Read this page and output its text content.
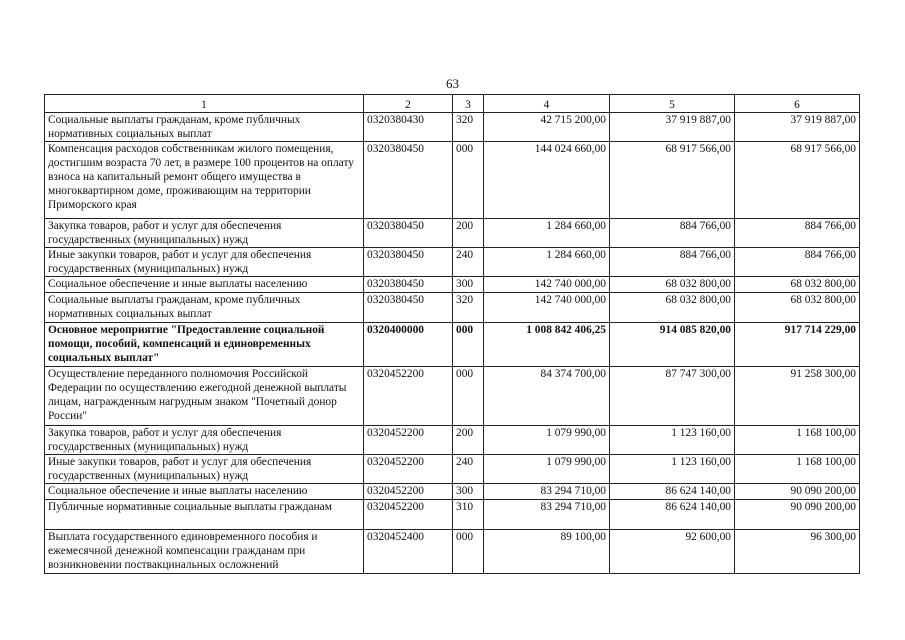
63
1	2	3	4	5	6
Социальные выплаты гражданам, кроме публичных нормативных социальных выплат	0320380430	320	42 715 200,00	37 919 887,00	37 919 887,00
Компенсация расходов собственникам жилого помещения, достигшим возраста 70 лет, в размере 100 процентов на оплату взноса на капитальный ремонт общего имущества в многоквартирном доме, проживающим на территории Приморского края	0320380450	000	144 024 660,00	68 917 566,00	68 917 566,00
Закупка товаров, работ и услуг для обеспечения государственных (муниципальных) нужд	0320380450	200	1 284 660,00	884 766,00	884 766,00
Иные закупки товаров, работ и услуг для обеспечения государственных (муниципальных) нужд	0320380450	240	1 284 660,00	884 766,00	884 766,00
Социальное обеспечение и иные выплаты населению	0320380450	300	142 740 000,00	68 032 800,00	68 032 800,00
Социальные выплаты гражданам, кроме публичных нормативных социальных выплат	0320380450	320	142 740 000,00	68 032 800,00	68 032 800,00
Основное мероприятие "Предоставление социальной помощи, пособий, компенсаций и единовременных социальных выплат"	0320400000	000	1 008 842 406,25	914 085 820,00	917 714 229,00
Осуществление переданного полномочия Российской Федерации по осуществлению ежегодной денежной выплаты лицам, награжденным нагрудным знаком "Почетный донор России"	0320452200	000	84 374 700,00	87 747 300,00	91 258 300,00
Закупка товаров, работ и услуг для обеспечения государственных (муниципальных) нужд	0320452200	200	1 079 990,00	1 123 160,00	1 168 100,00
Иные закупки товаров, работ и услуг для обеспечения государственных (муниципальных) нужд	0320452200	240	1 079 990,00	1 123 160,00	1 168 100,00
Социальное обеспечение и иные выплаты населению	0320452200	300	83 294 710,00	86 624 140,00	90 090 200,00
Публичные нормативные социальные выплаты гражданам	0320452200	310	83 294 710,00	86 624 140,00	90 090 200,00
Выплата государственного единовременного пособия и ежемесячной денежной компенсации гражданам при возникновении поствакцинальных осложнений	0320452400	000	89 100,00	92 600,00	96 300,00
